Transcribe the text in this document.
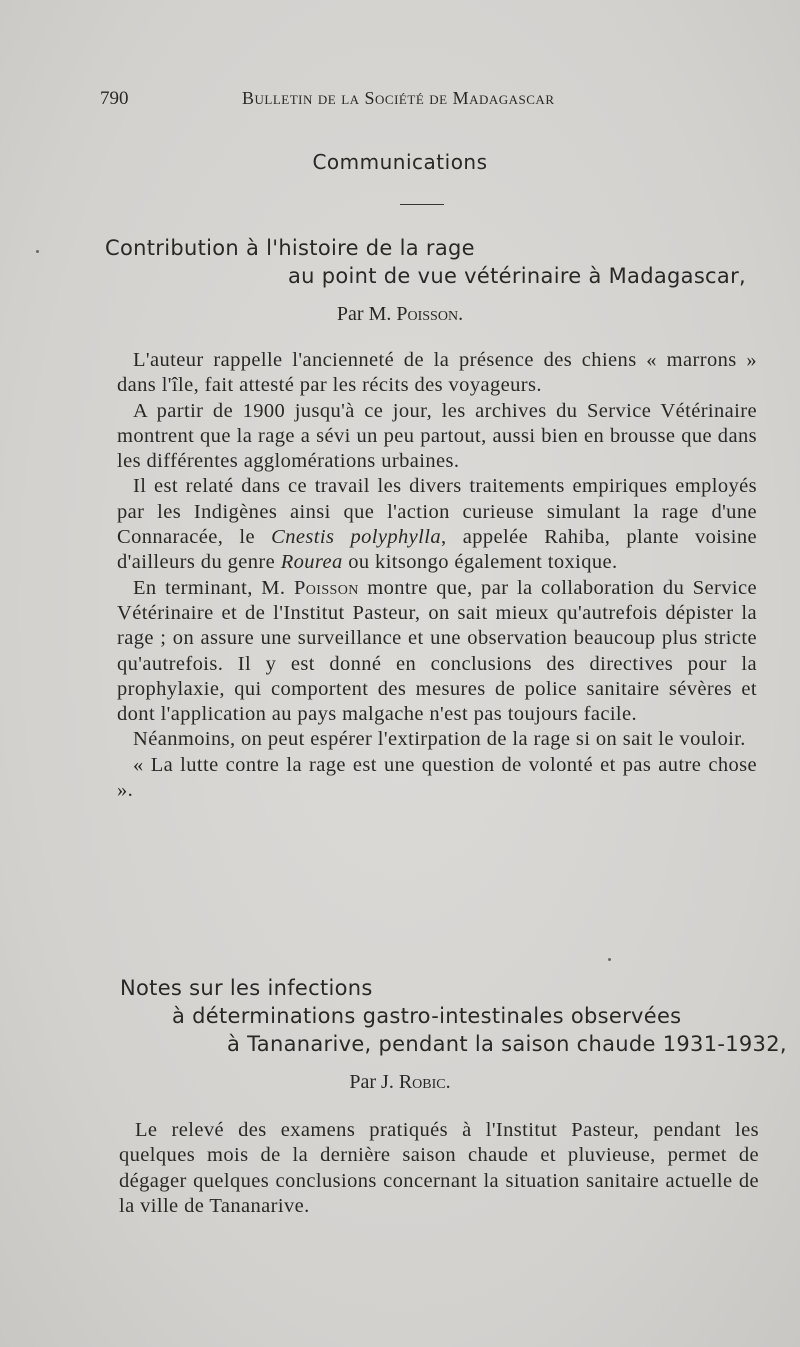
790	Bulletin de la Société de Madagascar
Communications
Contribution à l'histoire de la rage
au point de vue vétérinaire à Madagascar,
Par M. Poisson.

L'auteur rappelle l'ancienneté de la présence des chiens « marrons » dans l'île, fait attesté par les récits des voyageurs.

A partir de 1900 jusqu'à ce jour, les archives du Service Vétérinaire montrent que la rage a sévi un peu partout, aussi bien en brousse que dans les différentes agglomérations urbaines.

Il est relaté dans ce travail les divers traitements empiriques employés par les Indigènes ainsi que l'action curieuse simulant la rage d'une Connaracée, le Cnestis polyphylla, appelée Rahiba, plante voisine d'ailleurs du genre Rourea ou kitsongo également toxique.

En terminant, M. Poisson montre que, par la collaboration du Service Vétérinaire et de l'Institut Pasteur, on sait mieux qu'autrefois dépister la rage ; on assure une surveillance et une observation beaucoup plus stricte qu'autrefois. Il y est donné en conclusions des directives pour la prophylaxie, qui comportent des mesures de police sanitaire sévères et dont l'application au pays malgache n'est pas toujours facile.

Néanmoins, on peut espérer l'extirpation de la rage si on sait le vouloir.

« La lutte contre la rage est une question de volonté et pas autre chose ».

Notes sur les infections
à déterminations gastro-intestinales observées
à Tananarive, pendant la saison chaude 1931-1932,
Par J. Robic.

Le relevé des examens pratiqués à l'Institut Pasteur, pendant les quelques mois de la dernière saison chaude et pluvieuse, permet de dégager quelques conclusions concernant la situation sanitaire actuelle de la ville de Tananarive.
